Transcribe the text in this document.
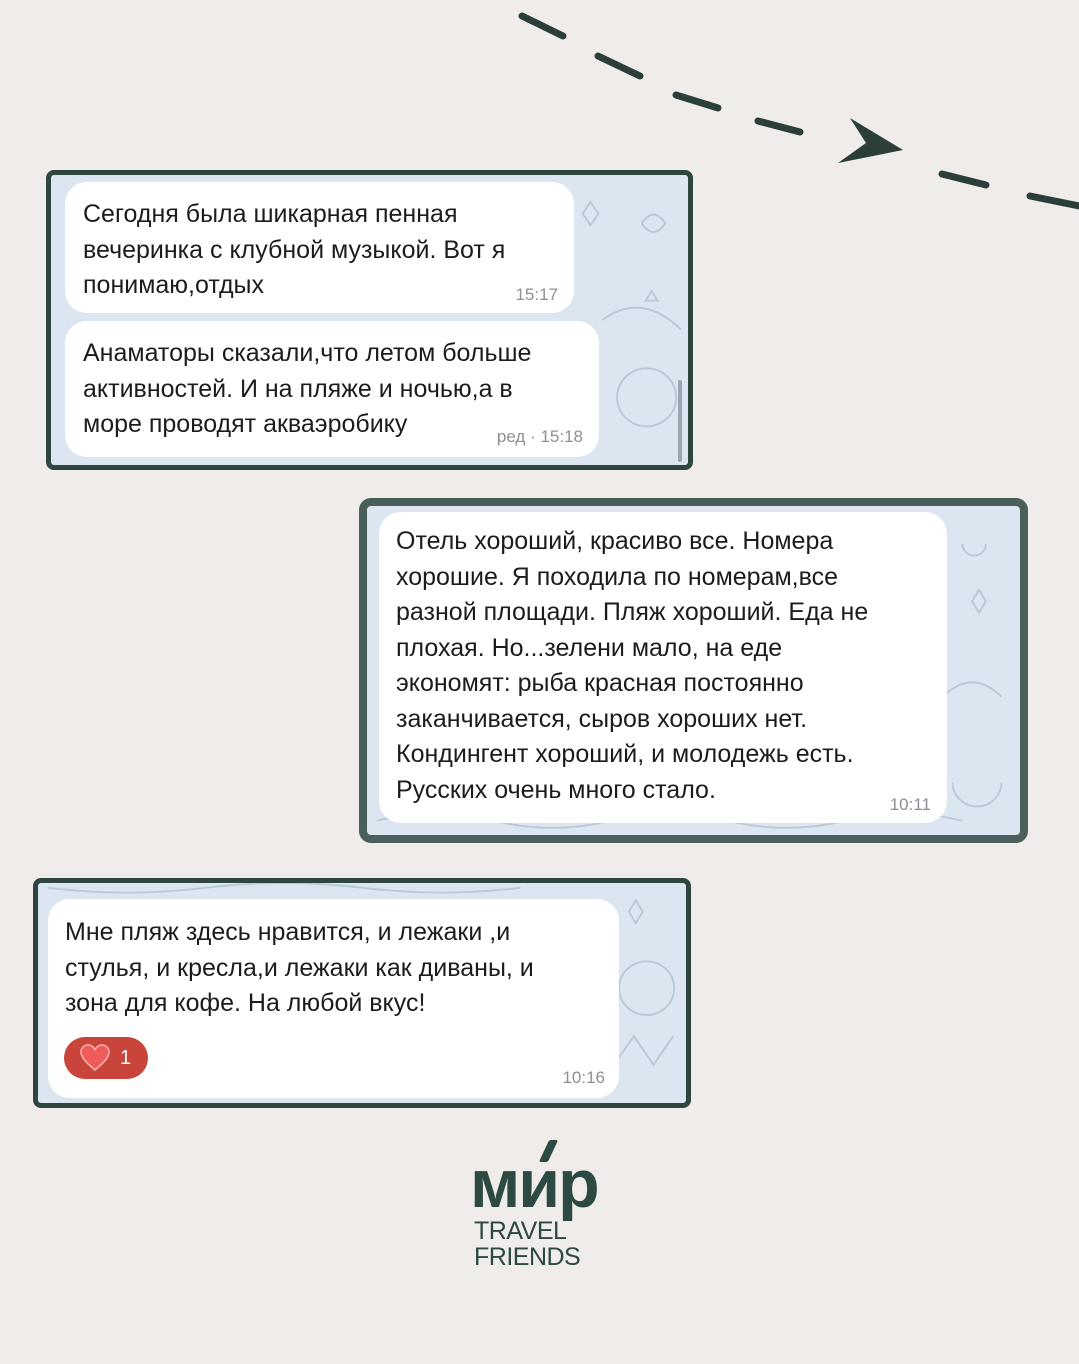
Сегодня была шикарная пенная
вечеринка с клубной музыкой. Вот я
понимаю,отдых	15:17
Анаматоры сказали,что летом больше
активностей. И на пляже и ночью,а в
море проводят акваэробику	ред · 15:18
Отель хороший, красиво все. Номера
хорошие. Я походила по номерам,все
разной площади. Пляж хороший. Еда не
плохая. Но...зелени мало, на еде
экономят: рыба красная постоянно
заканчивается, сыров хороших нет.
Кондингент хороший, и молодежь есть.
Русских очень много стало.
10:11
Мне пляж здесь нравится, и лежаки ,и
стулья, и кресла,и лежаки как диваны, и
зона для кофе. На любой вкус!
1
10:16
мир
TRAVEL
FRIENDS
